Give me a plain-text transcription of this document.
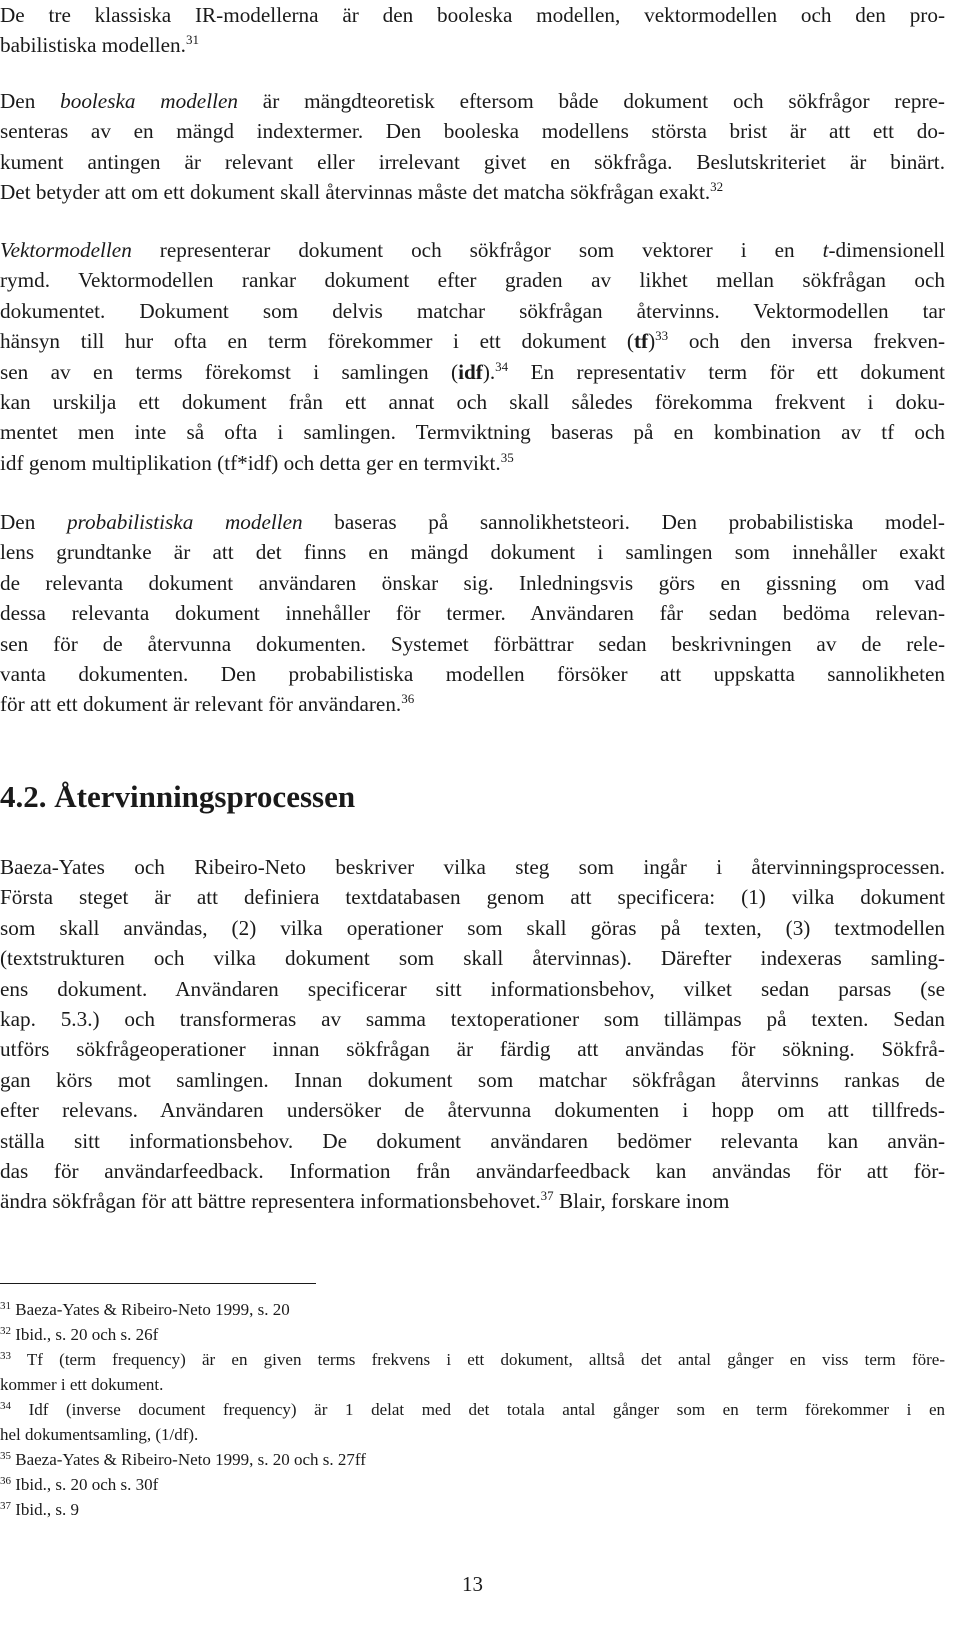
De tre klassiska IR-modellerna är den booleska modellen, vektormodellen och den pro-
babilistiska modellen.$^{31}$

Den booleska modellen är mängdteoretisk eftersom både dokument och sökfrågor repre-
senteras av en mängd indextermer. Den booleska modellens största brist är att ett do-
kument antingen är relevant eller irrelevant givet en sökfråga. Beslutskriteriet är binärt.
Det betyder att om ett dokument skall återvinnas måste det matcha sökfrågan exakt.$^{32}$

Vektormodellen representerar dokument och sökfrågor som vektorer i en t-dimensionell
rymd. Vektormodellen rankar dokument efter graden av likhet mellan sökfrågan och
dokumentet. Dokument som delvis matchar sökfrågan återvinns. Vektormodellen tar
hänsyn till hur ofta en term förekommer i ett dokument (tf)$^{33}$ och den inversa frekven-
sen av en terms förekomst i samlingen (idf).$^{34}$ En representativ term för ett dokument
kan urskilja ett dokument från ett annat och skall således förekomma frekvent i doku-
mentet men inte så ofta i samlingen. Termviktning baseras på en kombination av tf och
idf genom multiplikation (tf*idf) och detta ger en termvikt.$^{35}$

Den probabilistiska modellen baseras på sannolikhetsteori. Den probabilistiska model-
lens grundtanke är att det finns en mängd dokument i samlingen som innehåller exakt
de relevanta dokument användaren önskar sig. Inledningsvis görs en gissning om vad
dessa relevanta dokument innehåller för termer. Användaren får sedan bedöma relevan-
sen för de återvunna dokumenten. Systemet förbättrar sedan beskrivningen av de rele-
vanta dokumenten. Den probabilistiska modellen försöker att uppskatta sannolikheten
för att ett dokument är relevant för användaren.$^{36}$

4.2. Återvinningsprocessen

Baeza-Yates och Ribeiro-Neto beskriver vilka steg som ingår i återvinningsprocessen.
Första steget är att definiera textdatabasen genom att specificera: (1) vilka dokument
som skall användas, (2) vilka operationer som skall göras på texten, (3) textmodellen
(textstrukturen och vilka dokument som skall återvinnas). Därefter indexeras samling-
ens dokument. Användaren specificerar sitt informationsbehov, vilket sedan parsas (se
kap. 5.3.) och transformeras av samma textoperationer som tillämpas på texten. Sedan
utförs sökfrågeoperationer innan sökfrågan är färdig att användas för sökning. Sökfrå-
gan körs mot samlingen. Innan dokument som matchar sökfrågan återvinns rankas de
efter relevans. Användaren undersöker de återvunna dokumenten i hopp om att tillfreds-
ställa sitt informationsbehov. De dokument användaren bedömer relevanta kan använ-
das för användarfeedback. Information från användarfeedback kan användas för att för-
ändra sökfrågan för att bättre representera informationsbehovet.$^{37}$ Blair, forskare inom

$^{31}$ Baeza-Yates & Ribeiro-Neto 1999, s. 20
$^{32}$ Ibid., s. 20 och s. 26f
$^{33}$ Tf (term frequency) är en given terms frekvens i ett dokument, alltså det antal gånger en viss term före-
kommer i ett dokument.
$^{34}$ Idf (inverse document frequency) är 1 delat med det totala antal gånger som en term förekommer i en
hel dokumentsamling, (1/df).
$^{35}$ Baeza-Yates & Ribeiro-Neto 1999, s. 20 och s. 27ff
$^{36}$ Ibid., s. 20 och s. 30f
$^{37}$ Ibid., s. 9
13
